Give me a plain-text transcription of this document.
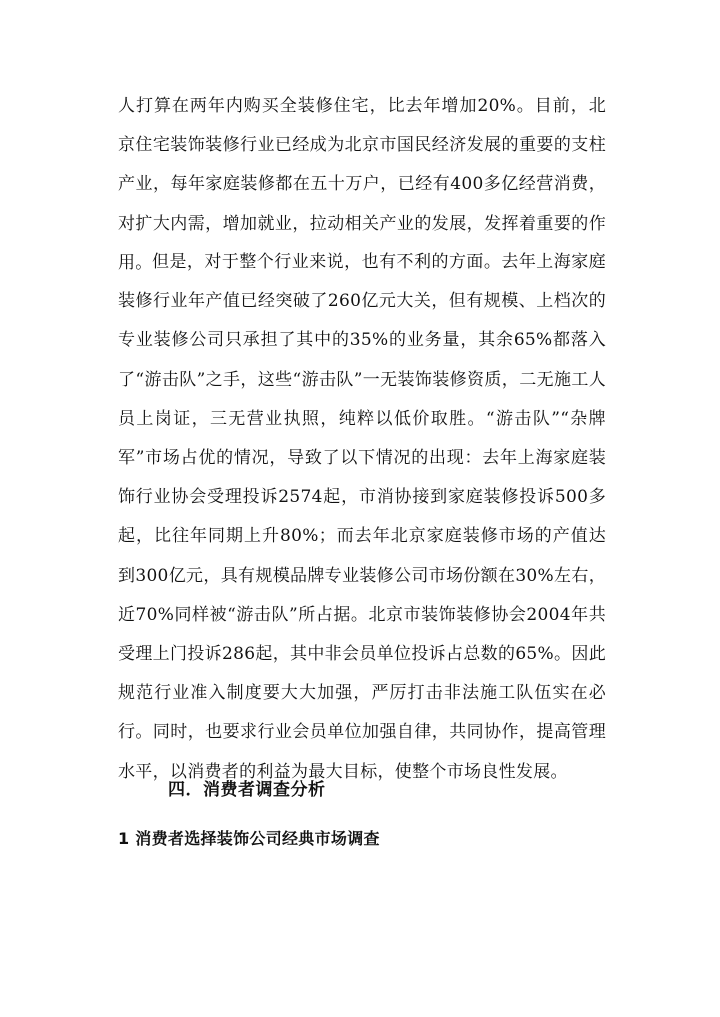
人打算在两年内购买全装修住宅，比去年增加20%。目前，北京住宅装饰装修行业已经成为北京市国民经济发展的重要的支柱产业，每年家庭装修都在五十万户，已经有400多亿经营消费，对扩大内需，增加就业，拉动相关产业的发展，发挥着重要的作用。 但是，对于整个行业来说，也有不利的方面。去年上海家庭装修行业年产值已经突破了260亿元大关，但有规模、上档次的专业装修公司只承担了其中的35%的业务量，其余65%都落入了“游击队”之手，这些“游击队”一无装饰装修资质，二无施工人员上岗证，三无营业执照，纯粹以低价取胜。“游击队”“杂牌军”市场占优的情况，导致了以下情况的出现：去年上海家庭装饰行业协会受理投诉2574起，市消协接到家庭装修投诉500多起，比往年同期上升80%；而去年北京家庭装修市场的产值达到300亿元，具有规模品牌专业装修公司市场份额在30%左右，近70%同样被“游击队”所占据。北京市装饰装修协会2004年共受理上门投诉286起，其中非会员单位投诉占总数的65%。因此规范行业准入制度要大大加强，严厉打击非法施工队伍实在必行。同时，也要求行业会员单位加强自律，共同协作，提高管理水平，以消费者的利益为最大目标，使整个市场良性发展。

四．消费者调查分析
1 消费者选择装饰公司经典市场调查
